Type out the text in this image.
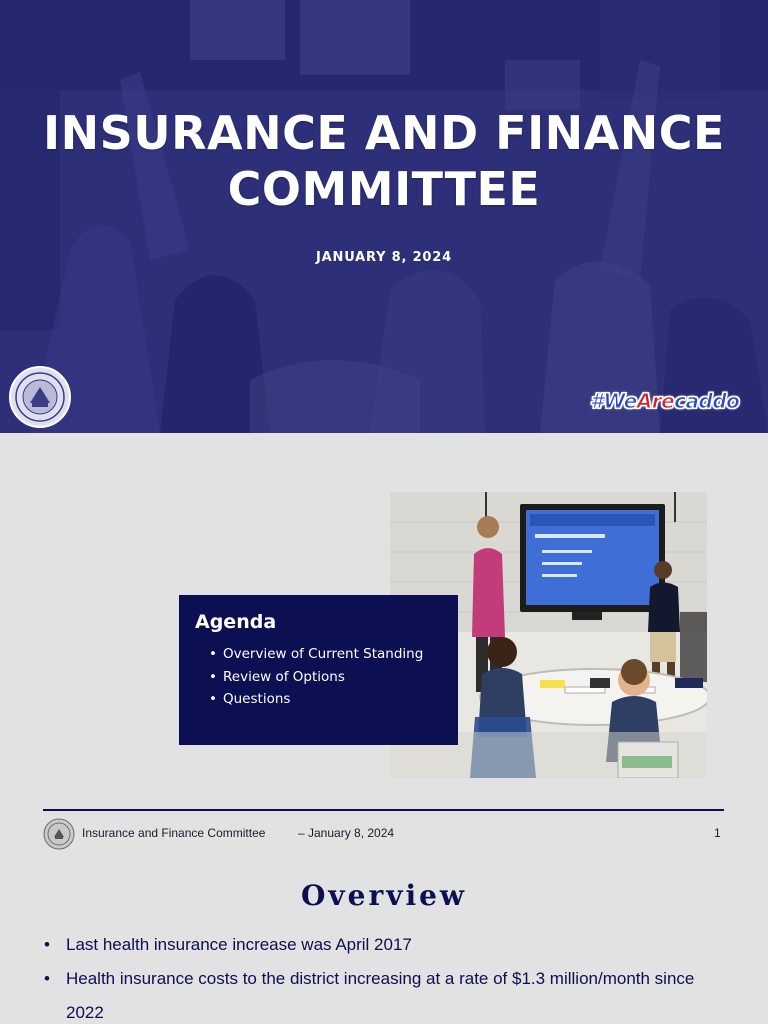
INSURANCE AND FINANCE
COMMITTEE
JANUARY 8, 2024
#WeArecaddo
Agenda
• Overview of Current Standing
• Review of Options
• Questions
Insurance and Finance Committee	– January 8, 2024	1
Overview
• Last health insurance increase was April 2017
• Health insurance costs to the district increasing at a rate of $1.3 million/month since 2022
